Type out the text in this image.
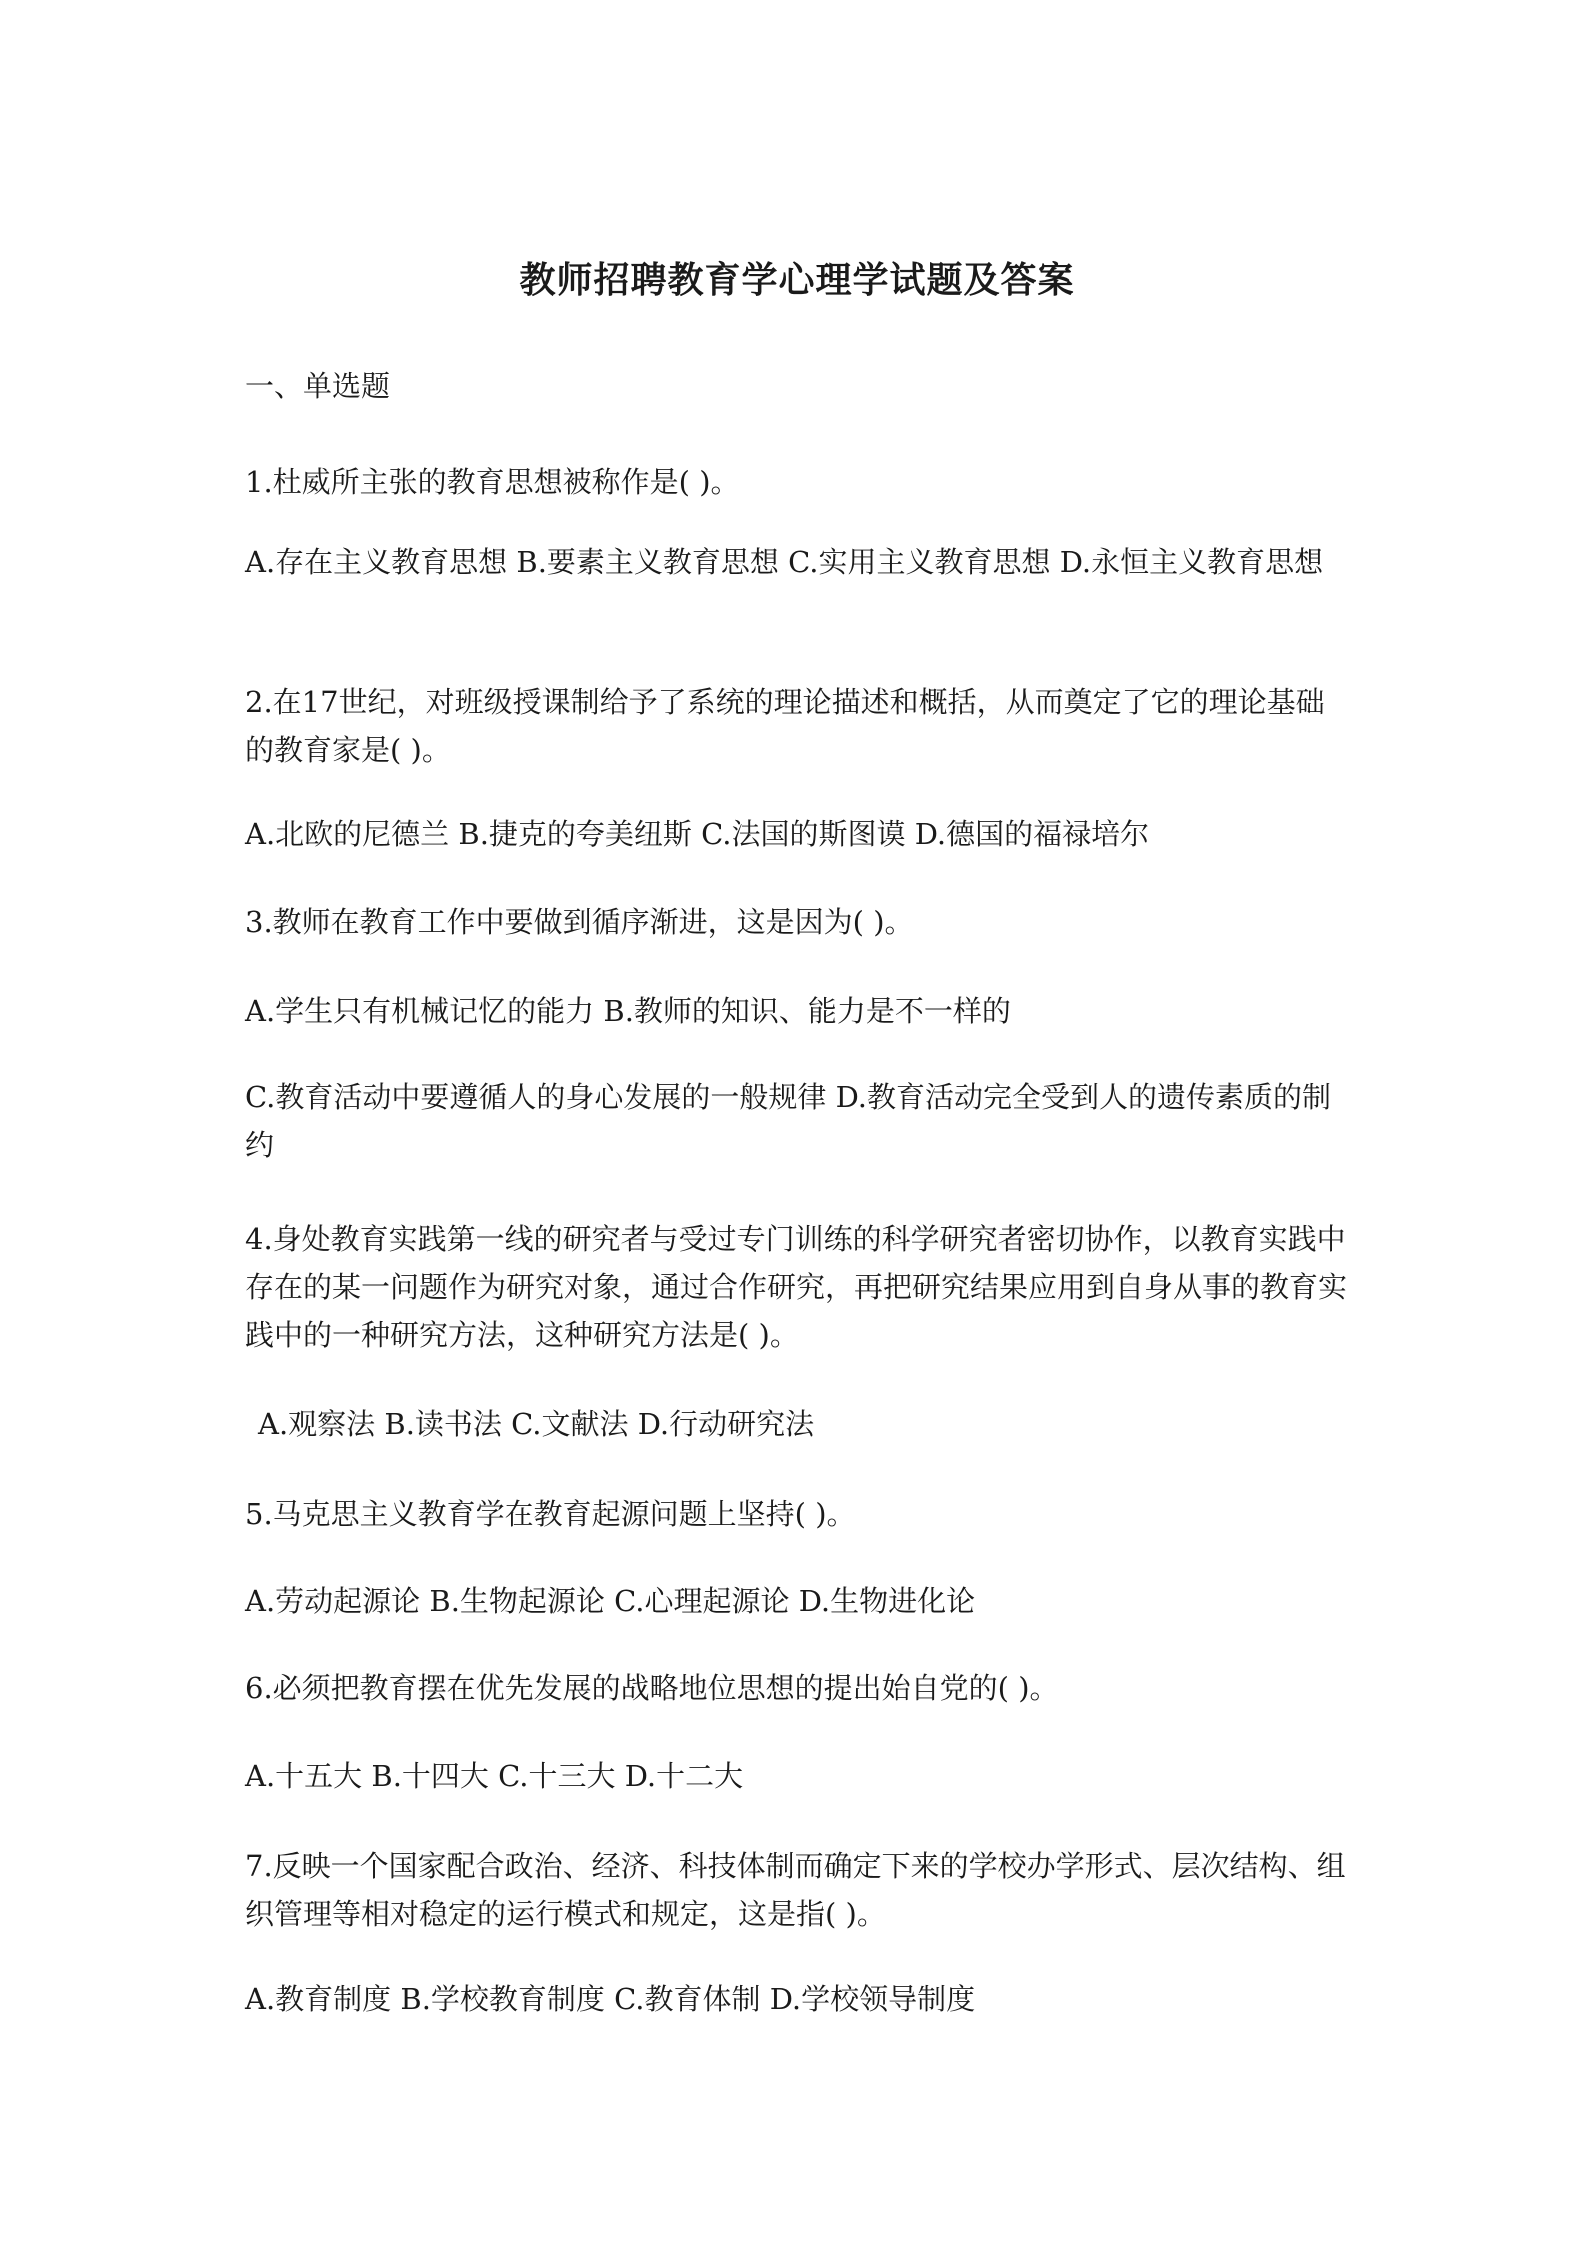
教师招聘教育学心理学试题及答案

一、单选题

1.杜威所主张的教育思想被称作是( )。

A.存在主义教育思想 B.要素主义教育思想 C.实用主义教育思想 D.永恒主义教育思想

2.在17世纪，对班级授课制给予了系统的理论描述和概括，从而奠定了它的理论基础的教育家是( )。

A.北欧的尼德兰 B.捷克的夸美纽斯 C.法国的斯图谟 D.德国的福禄培尔

3.教师在教育工作中要做到循序渐进，这是因为( )。

A.学生只有机械记忆的能力 B.教师的知识、能力是不一样的

C.教育活动中要遵循人的身心发展的一般规律 D.教育活动完全受到人的遗传素质的制约

4.身处教育实践第一线的研究者与受过专门训练的科学研究者密切协作，以教育实践中存在的某一问题作为研究对象，通过合作研究，再把研究结果应用到自身从事的教育实践中的一种研究方法，这种研究方法是( )。

A.观察法 B.读书法 C.文献法 D.行动研究法

5.马克思主义教育学在教育起源问题上坚持( )。

A.劳动起源论 B.生物起源论 C.心理起源论 D.生物进化论

6.必须把教育摆在优先发展的战略地位思想的提出始自党的( )。

A.十五大 B.十四大 C.十三大 D.十二大

7.反映一个国家配合政治、经济、科技体制而确定下来的学校办学形式、层次结构、组织管理等相对稳定的运行模式和规定，这是指( )。

A.教育制度 B.学校教育制度 C.教育体制 D.学校领导制度
